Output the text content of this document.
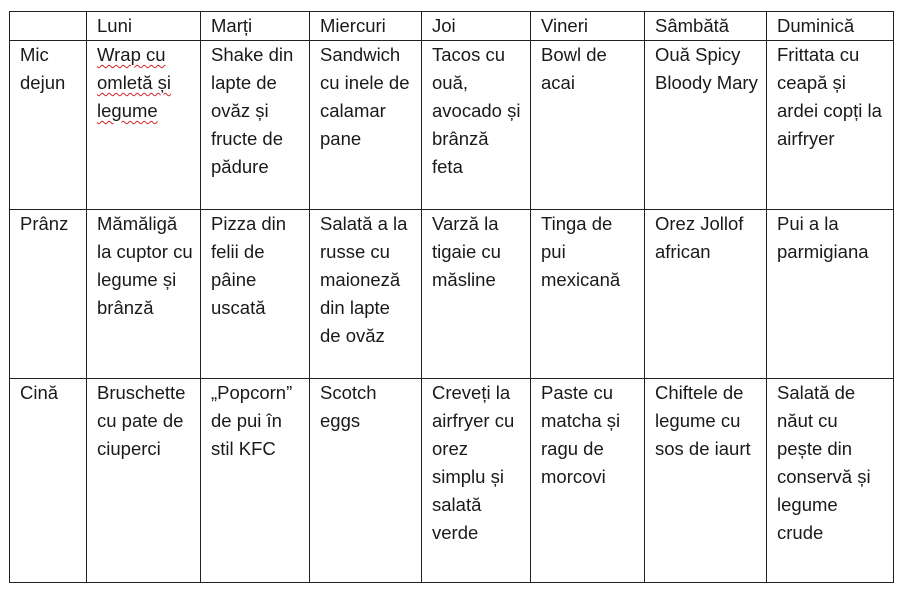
	Luni	Marți	Miercuri	Joi	Vineri	Sâmbătă	Duminică
Mic dejun	Wrap cu omletă și legume	Shake din lapte de ovăz și fructe de pădure	Sandwich cu inele de calamar pane	Tacos cu ouă, avocado și brânză feta	Bowl de acai	Ouă Spicy Bloody Mary	Frittata cu ceapă și ardei copți la airfryer
Prânz	Mămăligă la cuptor cu legume și brânză	Pizza din felii de pâine uscată	Salată a la russe cu maioneză din lapte de ovăz	Varză la tigaie cu măsline	Tinga de pui mexicană	Orez Jollof african	Pui a la parmigiana
Cină	Bruschette cu pate de ciuperci	„Popcorn” de pui în stil KFC	Scotch eggs	Creveți la airfryer cu orez simplu și salată verde	Paste cu matcha și ragu de morcovi	Chiftele de legume cu sos de iaurt	Salată de năut cu pește din conservă și legume crude
